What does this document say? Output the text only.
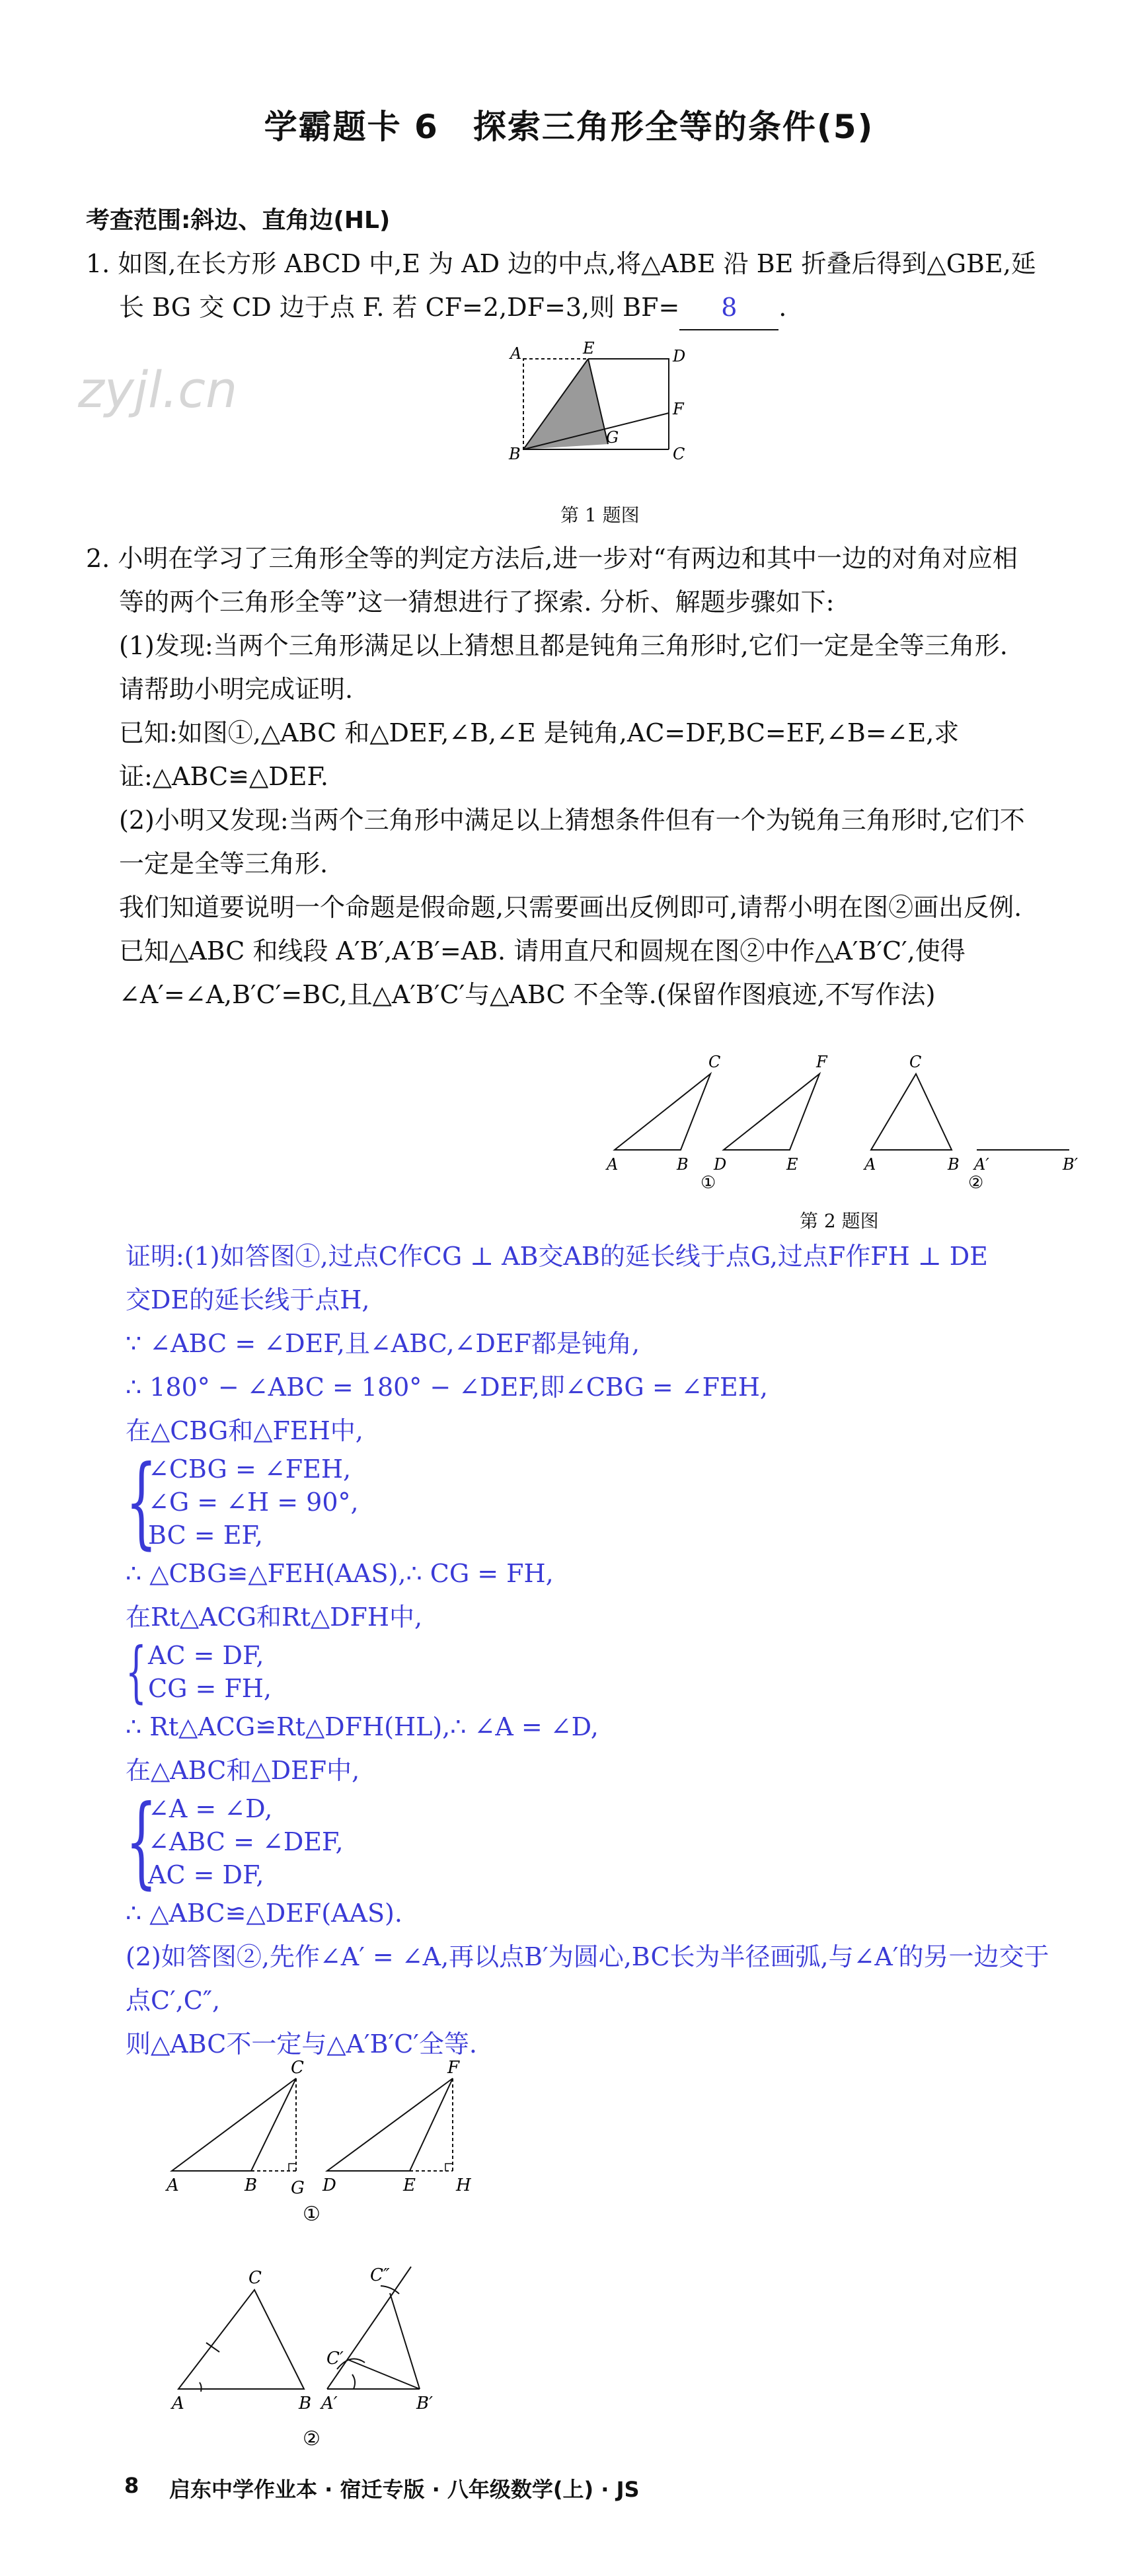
学霸题卡 6　探索三角形全等的条件(5)
zyjl.cn
考查范围:斜边、直角边(HL)
1. 如图,在长方形 ABCD 中,E 为 AD 边的中点,将△ABE 沿 BE 折叠后得到△GBE,延
长 BG 交 CD 边于点 F. 若 CF=2,DF=3,则 BF= 8 .
A	E	D
F
B
G
C
第 1 题图
2. 小明在学习了三角形全等的判定方法后,进一步对“有两边和其中一边的对角对应相
等的两个三角形全等”这一猜想进行了探索. 分析、解题步骤如下:
(1)发现:当两个三角形满足以上猜想且都是钝角三角形时,它们一定是全等三角形.
请帮助小明完成证明.
已知:如图①,△ABC 和△DEF,∠B,∠E 是钝角,AC=DF,BC=EF,∠B=∠E,求
证:△ABC≌△DEF.
(2)小明又发现:当两个三角形中满足以上猜想条件但有一个为锐角三角形时,它们不
一定是全等三角形.
我们知道要说明一个命题是假命题,只需要画出反例即可,请帮小明在图②画出反例.
已知△ABC 和线段 A′B′,A′B′=AB. 请用直尺和圆规在图②中作△A′B′C′,使得
∠A′=∠A,B′C′=BC,且△A′B′C′与△ABC 不全等.(保留作图痕迹,不写作法)
A	B
C
D	E
F
①
A	B
C
A′	B′
②
第 2 题图
证明:(1)如答图①,过点C作CG ⊥ AB交AB的延长线于点G,过点F作FH ⊥ DE
交DE的延长线于点H,
∵ ∠ABC = ∠DEF,且∠ABC,∠DEF都是钝角,
∴ 180° − ∠ABC = 180° − ∠DEF,即∠CBG = ∠FEH,
在△CBG和△FEH中,
{
∠CBG = ∠FEH,
∠G = ∠H = 90°,
BC = EF,
∴ △CBG≌△FEH(AAS),∴ CG = FH,
在Rt△ACG和Rt△DFH中,
{ AC = DF,
CG = FH,
∴ Rt△ACG≌Rt△DFH(HL),∴ ∠A = ∠D,
在△ABC和△DEF中,
{
∠A = ∠D,
∠ABC = ∠DEF,
AC = DF,
∴ △ABC≌△DEF(AAS).
(2)如答图②,先作∠A′ = ∠A,再以点B′为圆心,BC长为半径画弧,与∠A′的另一边交于
点C′,C″,
则△ABC不一定与△A′B′C′全等.
A	B
C
G D	E
F
H
①
A	B
C
A′	B′
C′
C″
②
8 启东中学作业本 · 宿迁专版 · 八年级数学(上) · JS
